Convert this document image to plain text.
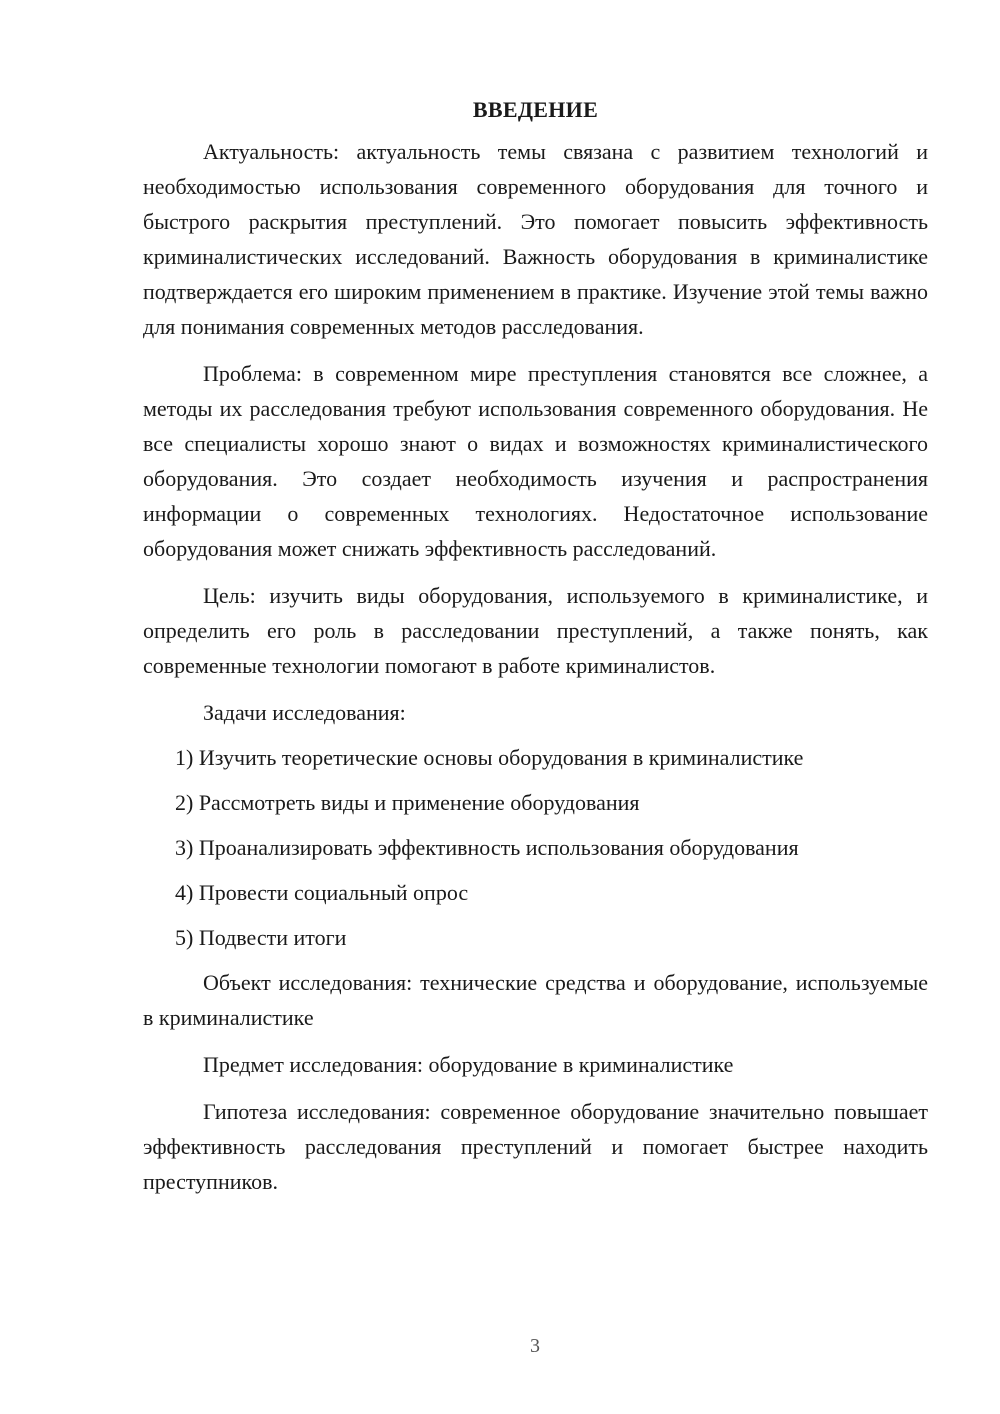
ВВЕДЕНИЕ

Актуальность: актуальность темы связана с развитием технологий и необходимостью использования современного оборудования для точного и быстрого раскрытия преступлений. Это помогает повысить эффективность криминалистических исследований. Важность оборудования в криминалистике подтверждается его широким применением в практике. Изучение этой темы важно для понимания современных методов расследования.

Проблема: в современном мире преступления становятся все сложнее, а методы их расследования требуют использования современного оборудования. Не все специалисты хорошо знают о видах и возможностях криминалистического оборудования. Это создает необходимость изучения и распространения информации о современных технологиях. Недостаточное использование оборудования может снижать эффективность расследований.

Цель: изучить виды оборудования, используемого в криминалистике, и определить его роль в расследовании преступлений, а также понять, как современные технологии помогают в работе криминалистов.

Задачи исследования:

1) Изучить теоретические основы оборудования в криминалистике
2) Рассмотреть виды и применение оборудования
3) Проанализировать эффективность использования оборудования
4) Провести социальный опрос
5) Подвести итоги

Объект исследования: технические средства и оборудование, используемые в криминалистике

Предмет исследования: оборудование в криминалистике

Гипотеза исследования: современное оборудование значительно повышает эффективность расследования преступлений и помогает быстрее находить преступников.

3
